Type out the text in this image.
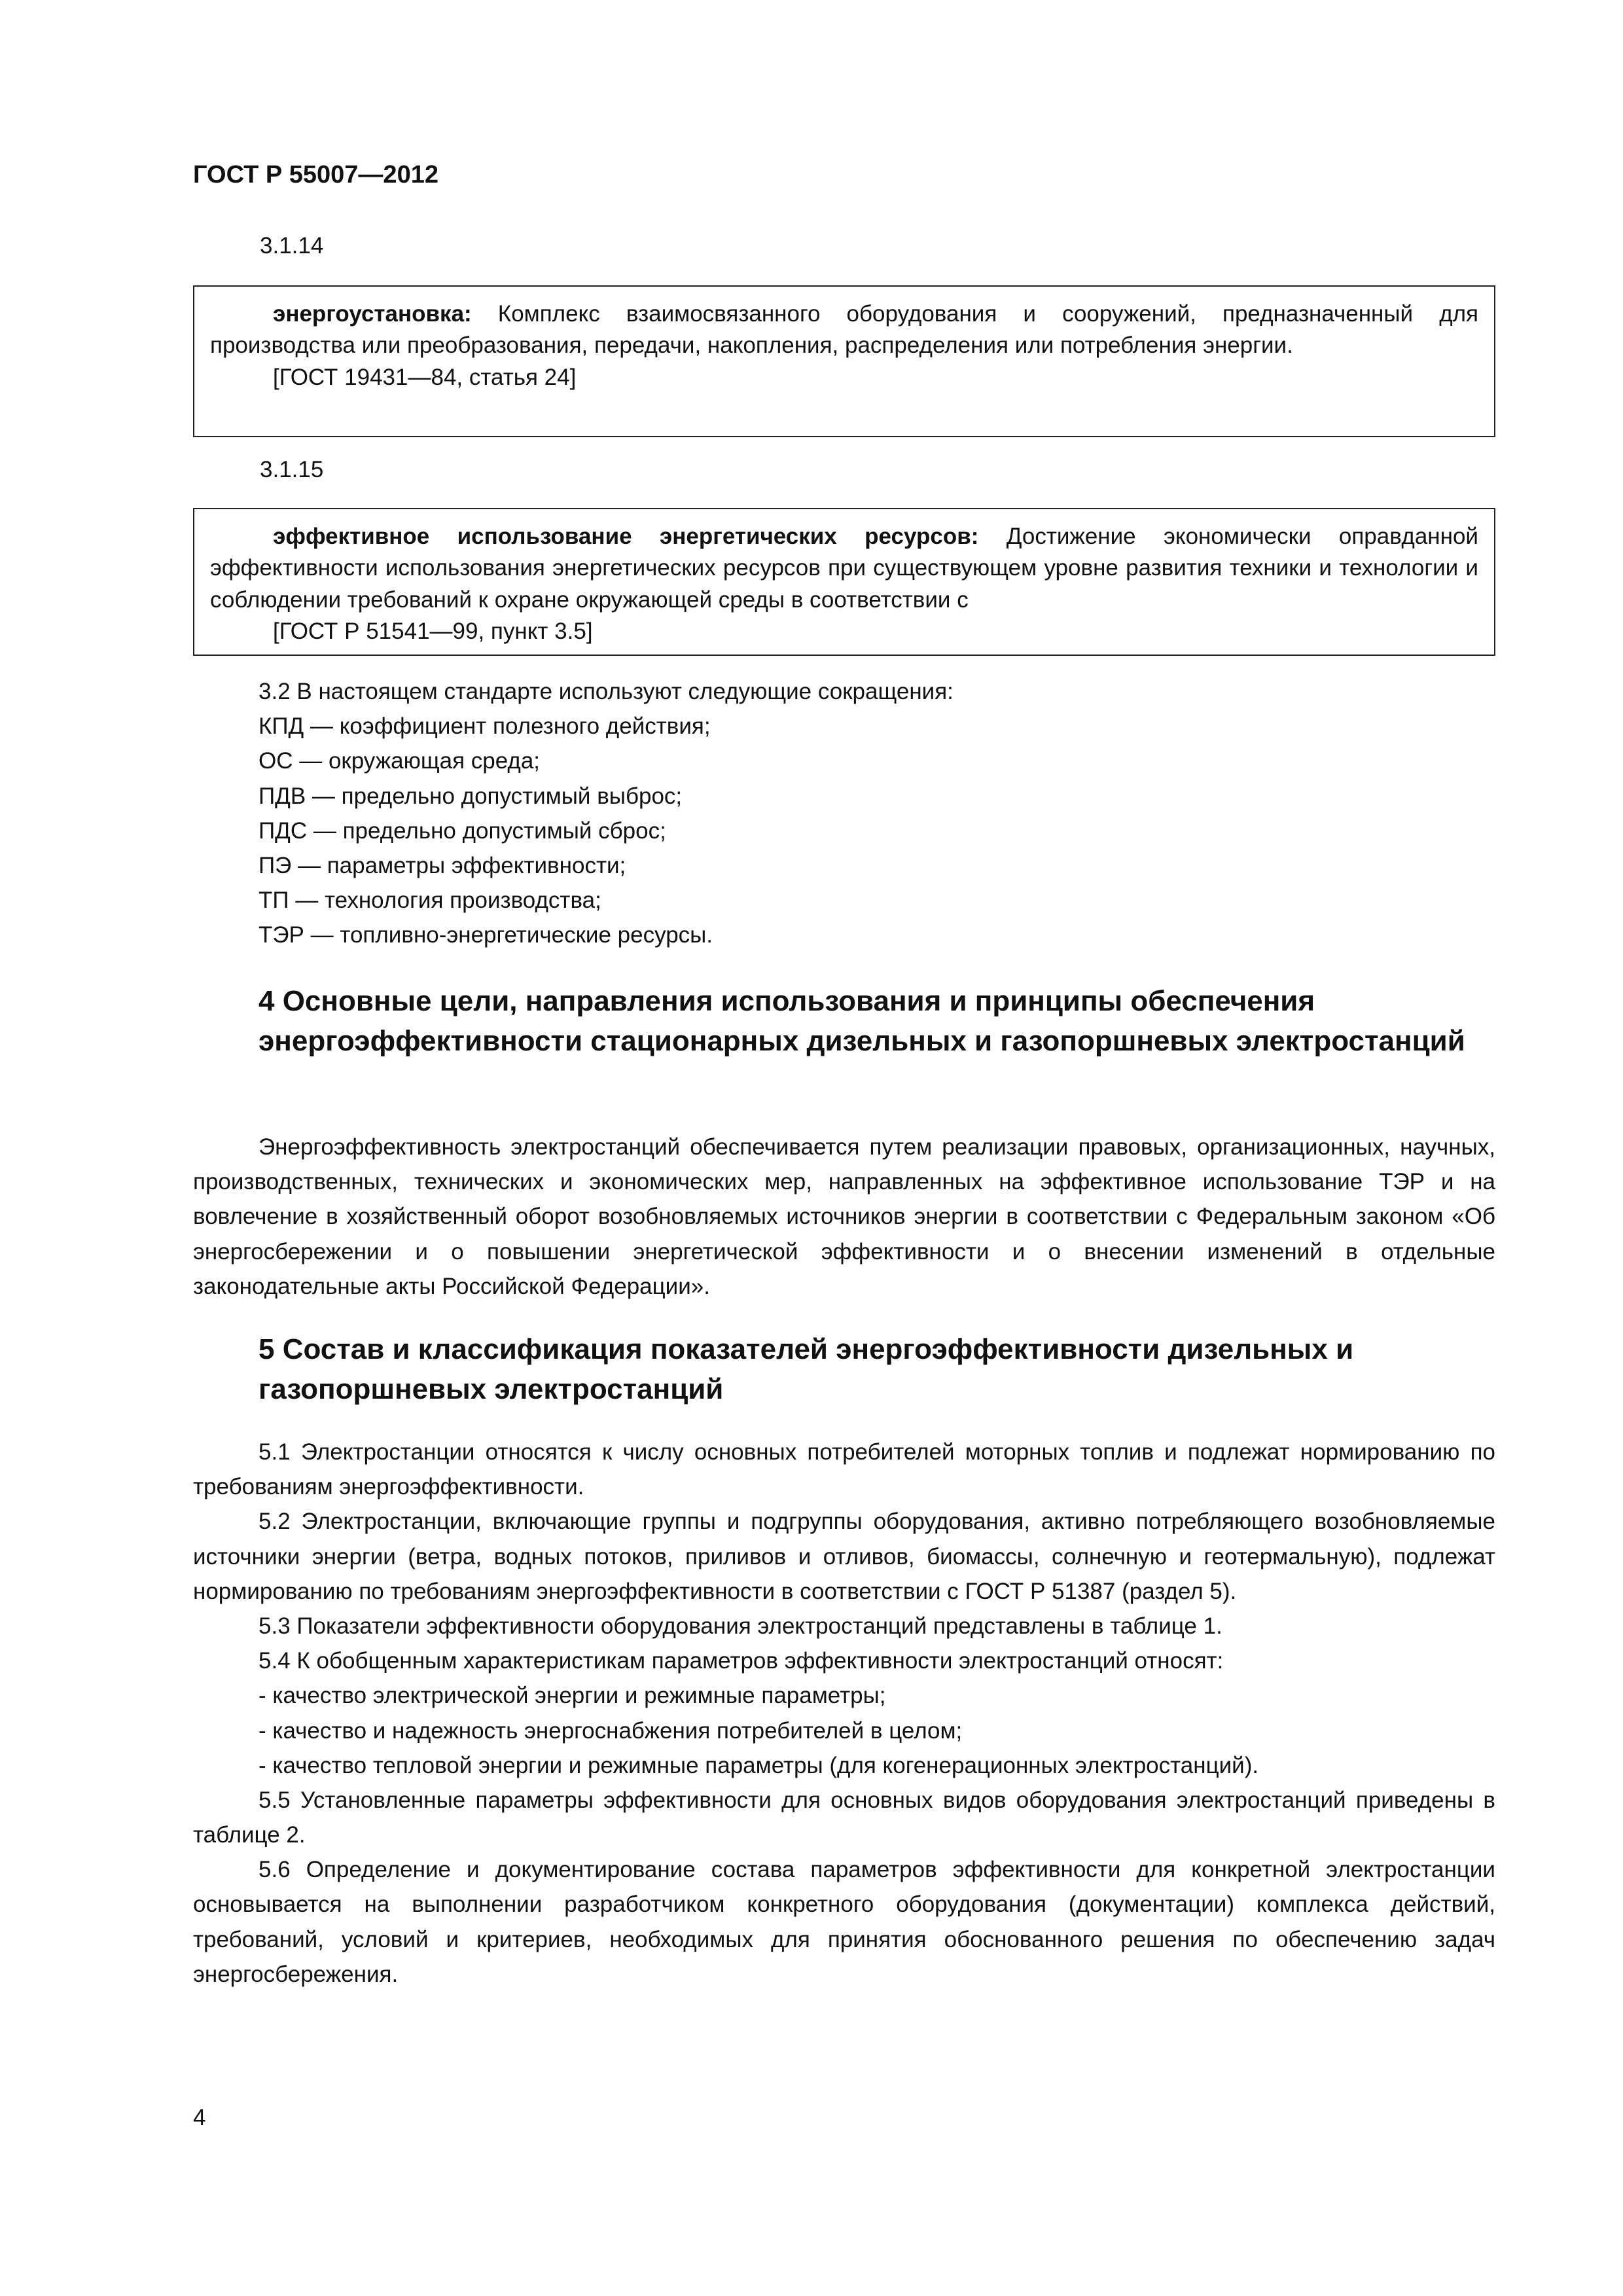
ГОСТ Р 55007—2012
3.1.14

энергоустановка: Комплекс взаимосвязанного оборудования и сооружений, предназначенный для производства или преобразования, передачи, накопления, распределения или потребления энергии.

[ГОСТ 19431—84, статья 24]

3.1.15

эффективное использование энергетических ресурсов: Достижение экономически оправданной эффективности использования энергетических ресурсов при существующем уровне развития техники и технологии и соблюдении требований к охране окружающей среды в соответствии с

[ГОСТ Р 51541—99, пункт 3.5]

3.2 В настоящем стандарте используют следующие сокращения:

КПД — коэффициент полезного действия;

ОС — окружающая среда;

ПДВ — предельно допустимый выброс;

ПДС — предельно допустимый сброс;

ПЭ — параметры эффективности;

ТП — технология производства;

ТЭР — топливно-энергетические ресурсы.

4 Основные цели, направления использования и принципы обеспечения энергоэффективности стационарных дизельных и газопоршневых электростанций

Энергоэффективность электростанций обеспечивается путем реализации правовых, организационных, научных, производственных, технических и экономических мер, направленных на эффективное использование ТЭР и на вовлечение в хозяйственный оборот возобновляемых источников энергии в соответствии с Федеральным законом «Об энергосбережении и о повышении энергетической эффективности и о внесении изменений в отдельные законодательные акты Российской Федерации».

5 Состав и классификация показателей энергоэффективности дизельных и газопоршневых электростанций

5.1 Электростанции относятся к числу основных потребителей моторных топлив и подлежат нормированию по требованиям энергоэффективности.

5.2 Электростанции, включающие группы и подгруппы оборудования, активно потребляющего возобновляемые источники энергии (ветра, водных потоков, приливов и отливов, биомассы, солнечную и геотермальную), подлежат нормированию по требованиям энергоэффективности в соответствии с ГОСТ Р 51387 (раздел 5).

5.3 Показатели эффективности оборудования электростанций представлены в таблице 1.

5.4 К обобщенным характеристикам параметров эффективности электростанций относят:

- качество электрической энергии и режимные параметры;

- качество и надежность энергоснабжения потребителей в целом;

- качество тепловой энергии и режимные параметры (для когенерационных электростанций).

5.5 Установленные параметры эффективности для основных видов оборудования электростанций приведены в таблице 2.

5.6 Определение и документирование состава параметров эффективности для конкретной электростанции основывается на выполнении разработчиком конкретного оборудования (документации) комплекса действий, требований, условий и критериев, необходимых для принятия обоснованного решения по обеспечению задач энергосбережения.

4
